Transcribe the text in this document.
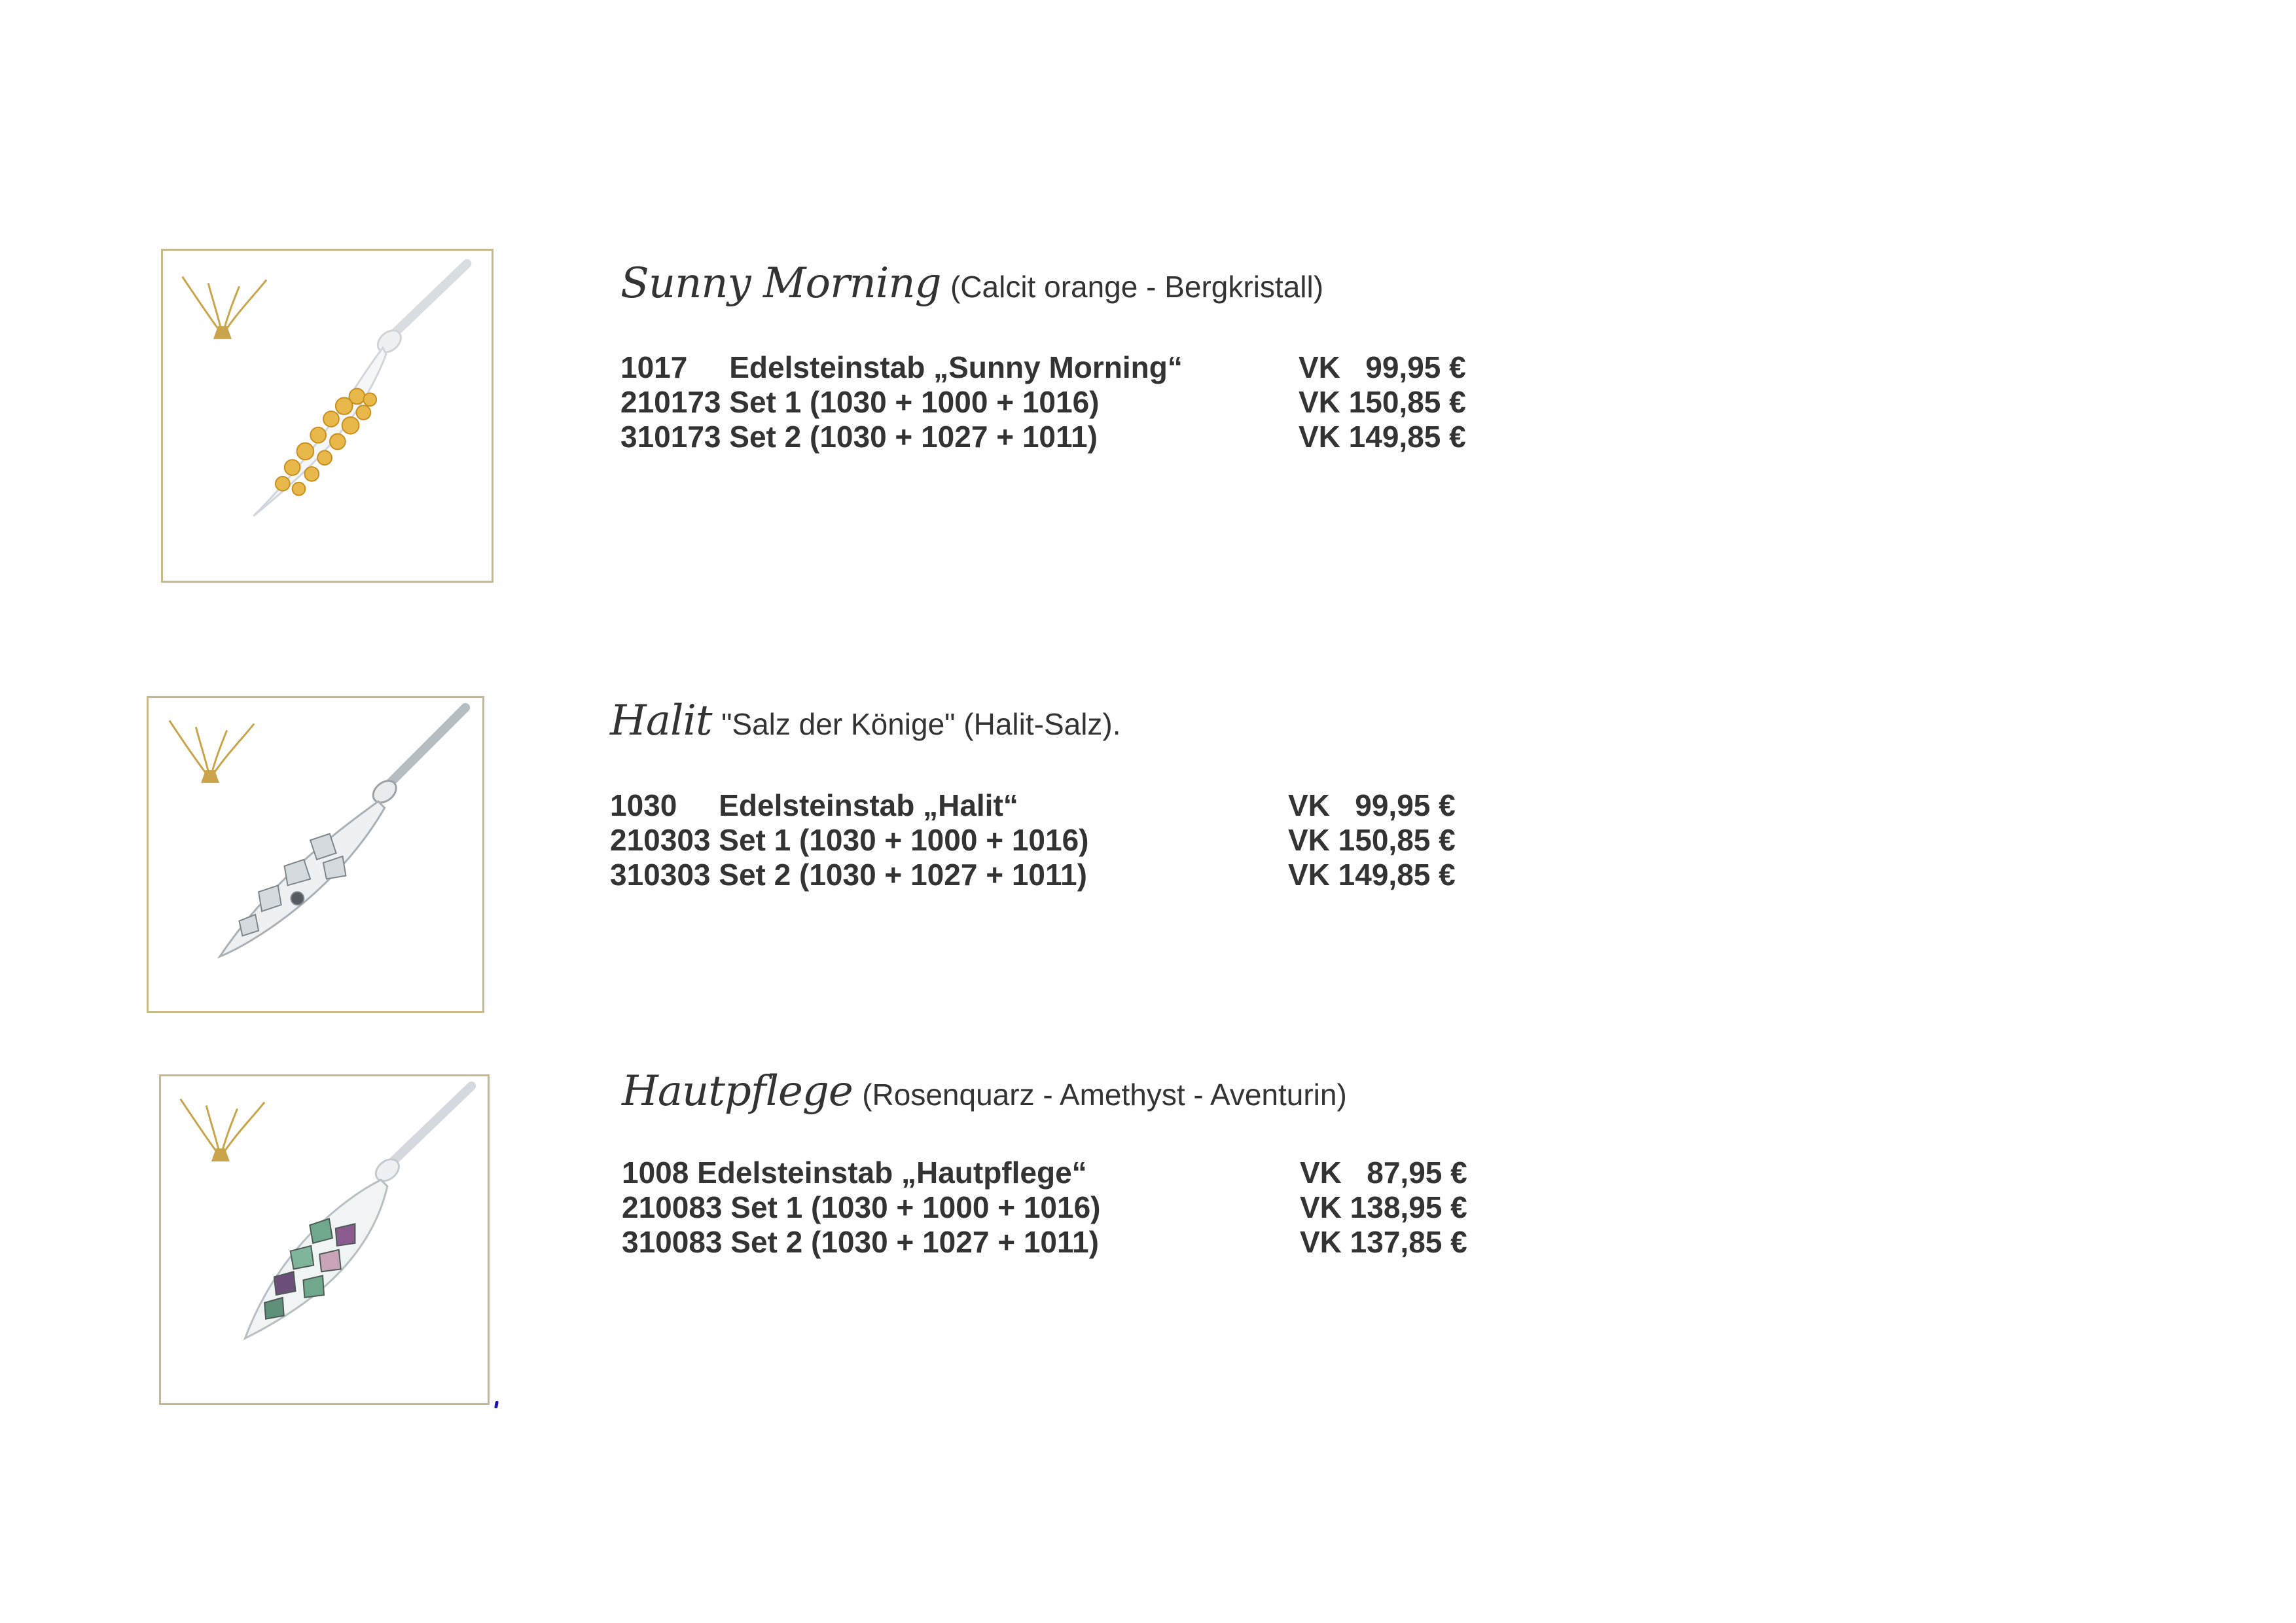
Sunny Morning (Calcit orange - Bergkristall)
1017     Edelsteinstab „Sunny Morning“	VK   99,95 €
210173 Set 1 (1030 + 1000 + 1016)	VK 150,85 €
310173 Set 2 (1030 + 1027 + 1011)	VK 149,85 €
Halit "Salz der Könige" (Halit-Salz).
1030     Edelsteinstab „Halit“	VK   99,95 €
210303 Set 1 (1030 + 1000 + 1016)	VK 150,85 €
310303 Set 2 (1030 + 1027 + 1011)	VK 149,85 €
Hautpflege (Rosenquarz - Amethyst - Aventurin)
1008 Edelsteinstab „Hautpflege“	VK   87,95 €
210083 Set 1 (1030 + 1000 + 1016)	VK 138,95 €
310083 Set 2 (1030 + 1027 + 1011)	VK 137,85 €
